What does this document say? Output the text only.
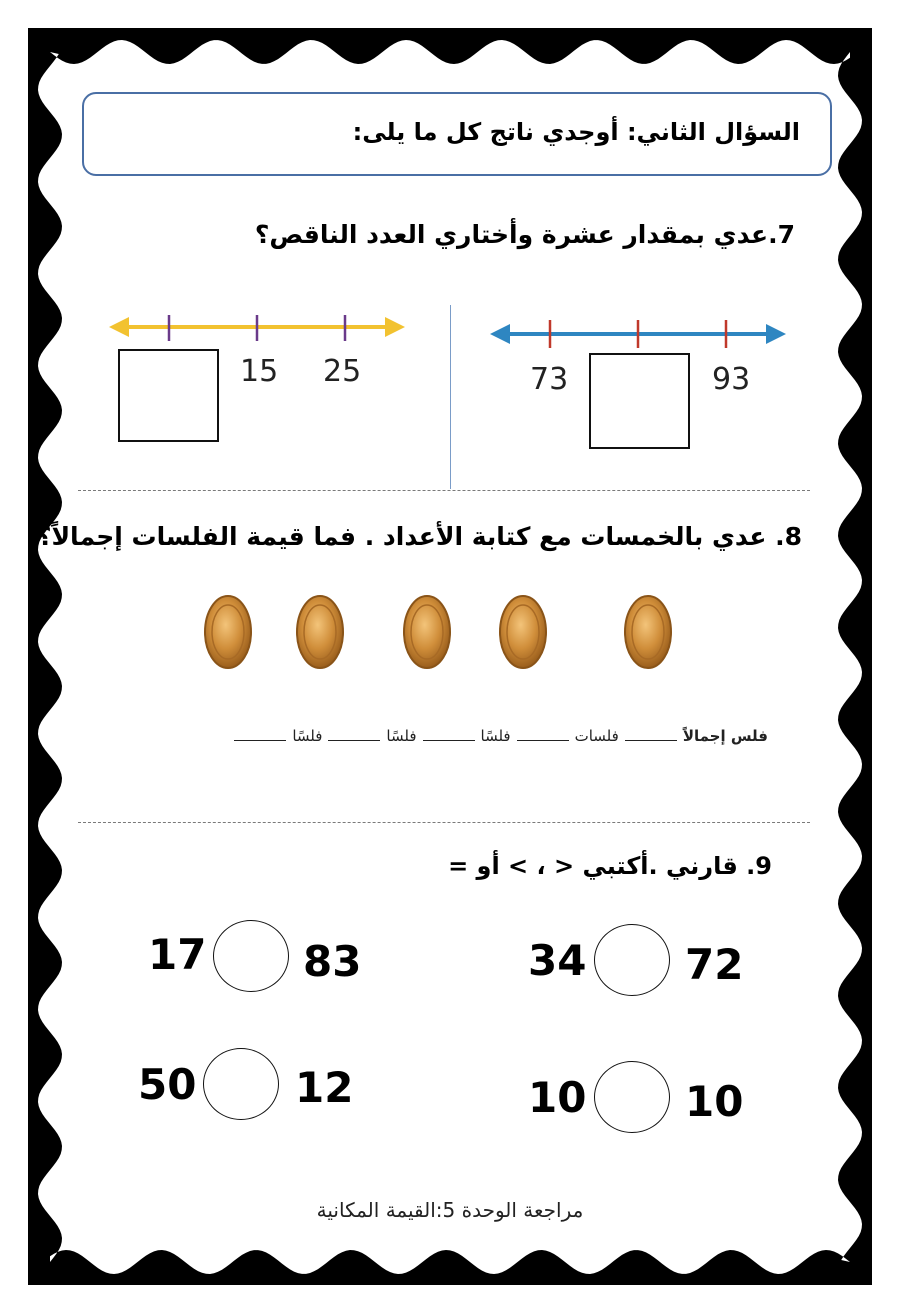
السؤال الثاني: أوجدي ناتج كل ما يلى:
7.عدي بمقدار عشرة وأختاري العدد الناقص؟
15 25	73	93
8. عدي بالخمسات مع كتابة الأعداد . فما قيمة الفلسات إجمالاً؟
فلس إجمالاًفلساتفلسًافلسًافلسًا
9. قارني .أكتبي < ، > أو =
17 83	34 72
50 12	10 10
مراجعة الوحدة 5:القيمة المكانية
